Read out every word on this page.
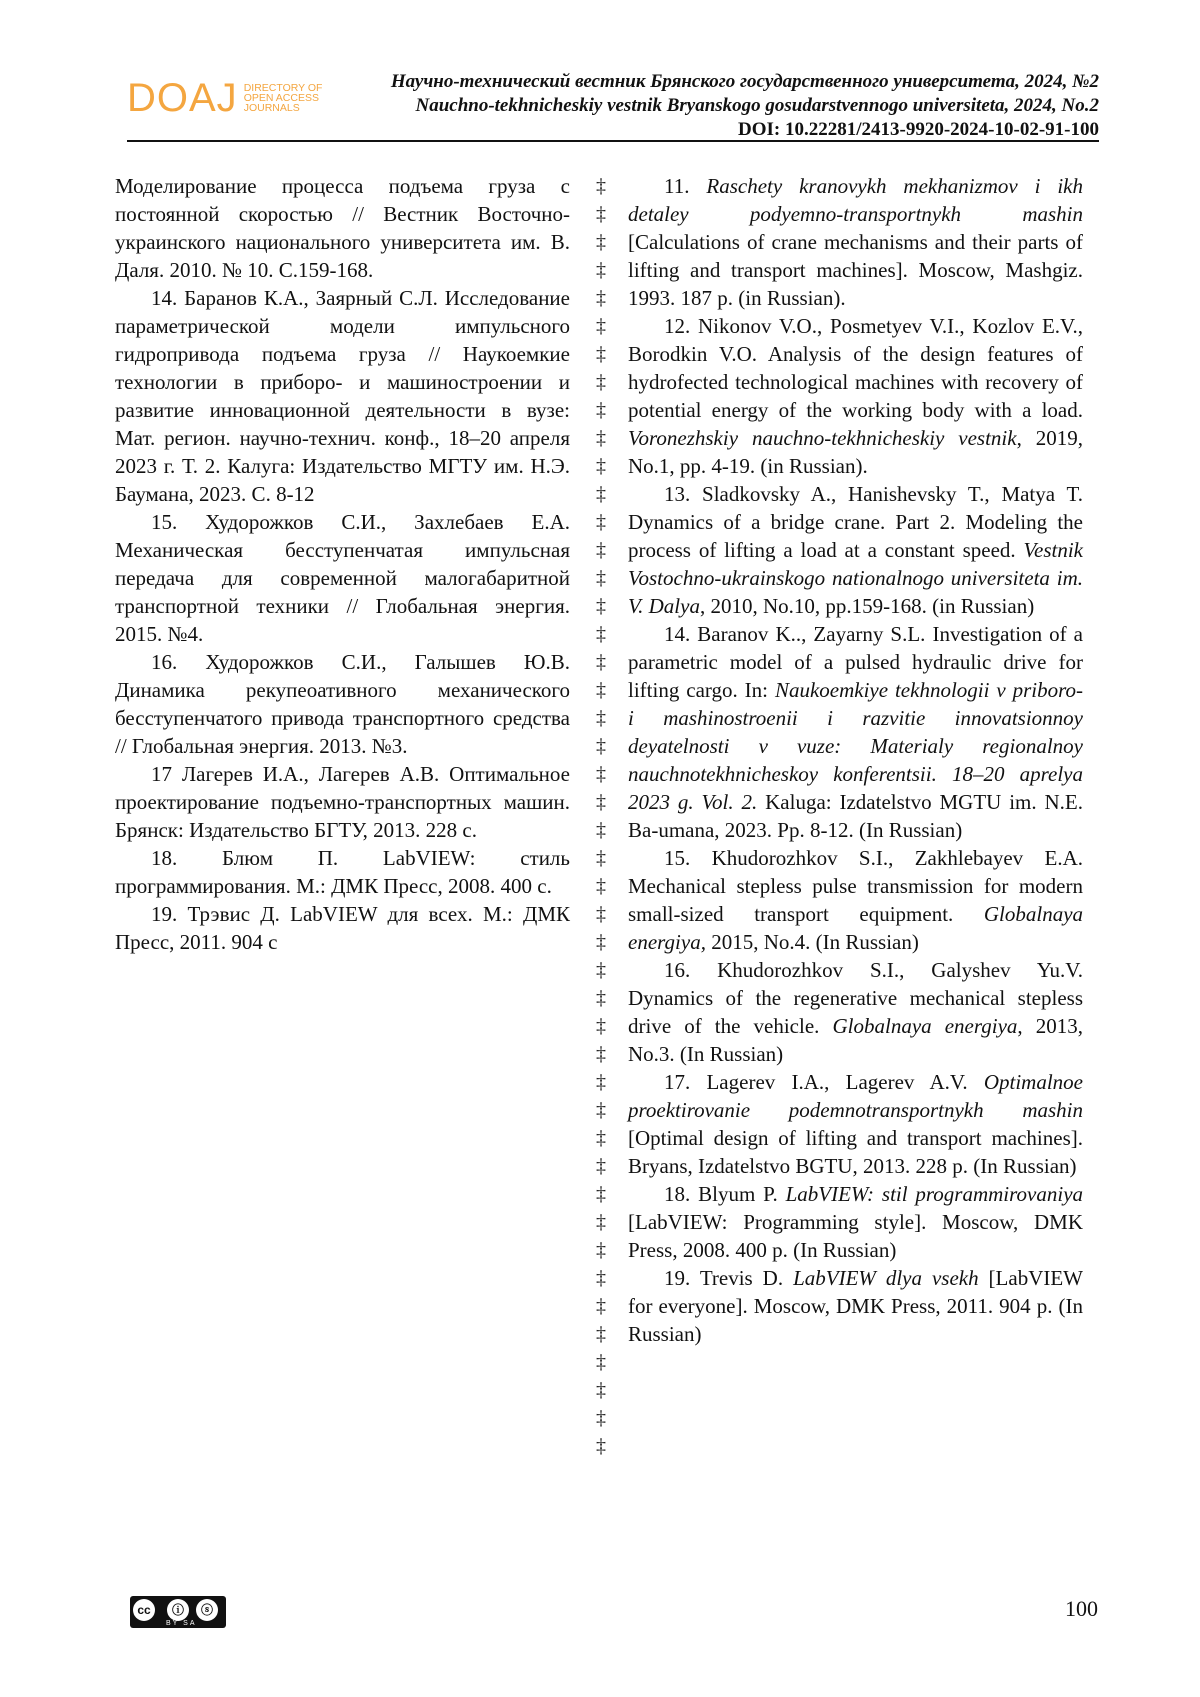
DOAJ DIRECTORY OF
OPEN ACCESS
JOURNALS
Научно-технический вестник Брянского государственного университета, 2024, №2
Nauchno-tekhnicheskiy vestnik Bryanskogo gosudarstvennogo universiteta, 2024, No.2
DOI: 10.22281/2413-9920-2024-10-02-91-100

Моделирование процесса подъема груза с постоянной скоростью // Вестник Восточно-украинского национального университета им. В. Даля. 2010. № 10. С.159-168.

14. Баранов К.А., Заярный С.Л. Исследование параметрической модели импульсного гидропривода подъема груза // Наукоемкие технологии в приборо- и машиностроении и развитие инновационной деятельности в вузе: Мат. регион. научно-технич. конф., 18–20 апреля 2023 г. Т. 2. Калуга: Издательство МГТУ им. Н.Э. Баумана, 2023. С. 8-12

15. Худорожков С.И., Захлебаев Е.А. Механическая бесступенчатая импульсная передача для современной малогабаритной транспортной техники // Глобальная энергия. 2015. №4.

16. Худорожков С.И., Галышев Ю.В. Динамика рекупеоативного механического бесступенчатого привода транспортного средства // Глобальная энергия. 2013. №3.

17 Лагерев И.А., Лагерев А.В. Оптимальное проектирование подъемно-транспортных машин. Брянск: Издательство БГТУ, 2013. 228 с.

18. Блюм П. LabVIEW: стиль программирования. М.: ДМК Пресс, 2008. 400 с.

19. Трэвис Д. LabVIEW для всех. М.: ДМК Пресс, 2011. 904 с

‡
‡
‡
‡
‡
‡
‡
‡
‡
‡
‡
‡
‡
‡
‡
‡
‡
‡
‡
‡
‡
‡
‡
‡
‡
‡
‡
‡
‡
‡
‡
‡
‡
‡
‡
‡
‡
‡
‡
‡
‡
‡
‡
‡
‡
‡

11. Raschety kranovykh mekhanizmov i ikh detaley podyemno-transportnykh mashin [Calculations of crane mechanisms and their parts of lifting and transport machines]. Moscow, Mashgiz. 1993. 187 p. (in Russian).

12. Nikonov V.O., Posmetyev V.I., Kozlov E.V., Borodkin V.O. Analysis of the design features of hydrofected technological machines with recovery of potential energy of the working body with a load. Voronezhskiy nauchno-tekhnicheskiy vestnik, 2019, No.1, pp. 4-19. (in Russian).

13. Sladkovsky A., Hanishevsky T., Matya T. Dynamics of a bridge crane. Part 2. Modeling the process of lifting a load at a constant speed. Vestnik Vostochno-ukrainskogo nationalnogo universiteta im. V. Dalya, 2010, No.10, pp.159-168. (in Russian)

14. Baranov K.., Zayarny S.L. Investigation of a parametric model of a pulsed hydraulic drive for lifting cargo. In: Naukoemkiye tekhnologii v priboro- i mashinostroenii i razvitie innovatsionnoy deyatelnosti v vuze: Materialy regionalnoy nauchnotekhnicheskoy konferentsii. 18–20 aprelya 2023 g. Vol. 2. Kaluga: Izdatelstvo MGTU im. N.E. Ba-umana, 2023. Pp. 8-12. (In Russian)

15. Khudorozhkov S.I., Zakhlebayev E.A. Mechanical stepless pulse transmission for modern small-sized transport equipment. Globalnaya energiya, 2015, No.4. (In Russian)

16. Khudorozhkov S.I., Galyshev Yu.V. Dynamics of the regenerative mechanical stepless drive of the vehicle. Globalnaya energiya, 2013, No.3. (In Russian)

17. Lagerev I.A., Lagerev A.V. Optimalnoe proektirovanie podemnotransportnykh mashin [Optimal design of lifting and transport machines]. Bryans, Izdatelstvo BGTU, 2013. 228 p. (In Russian)

18. Blyum P. LabVIEW: stil programmirovaniya [LabVIEW: Programming style]. Moscow, DMK Press, 2008. 400 p. (In Russian)

19. Trevis D. LabVIEW dlya vsekh [LabVIEW for everyone]. Moscow, DMK Press, 2011. 904 p. (In Russian)

cc	ⓘ	ⓢ
BY SA
100
